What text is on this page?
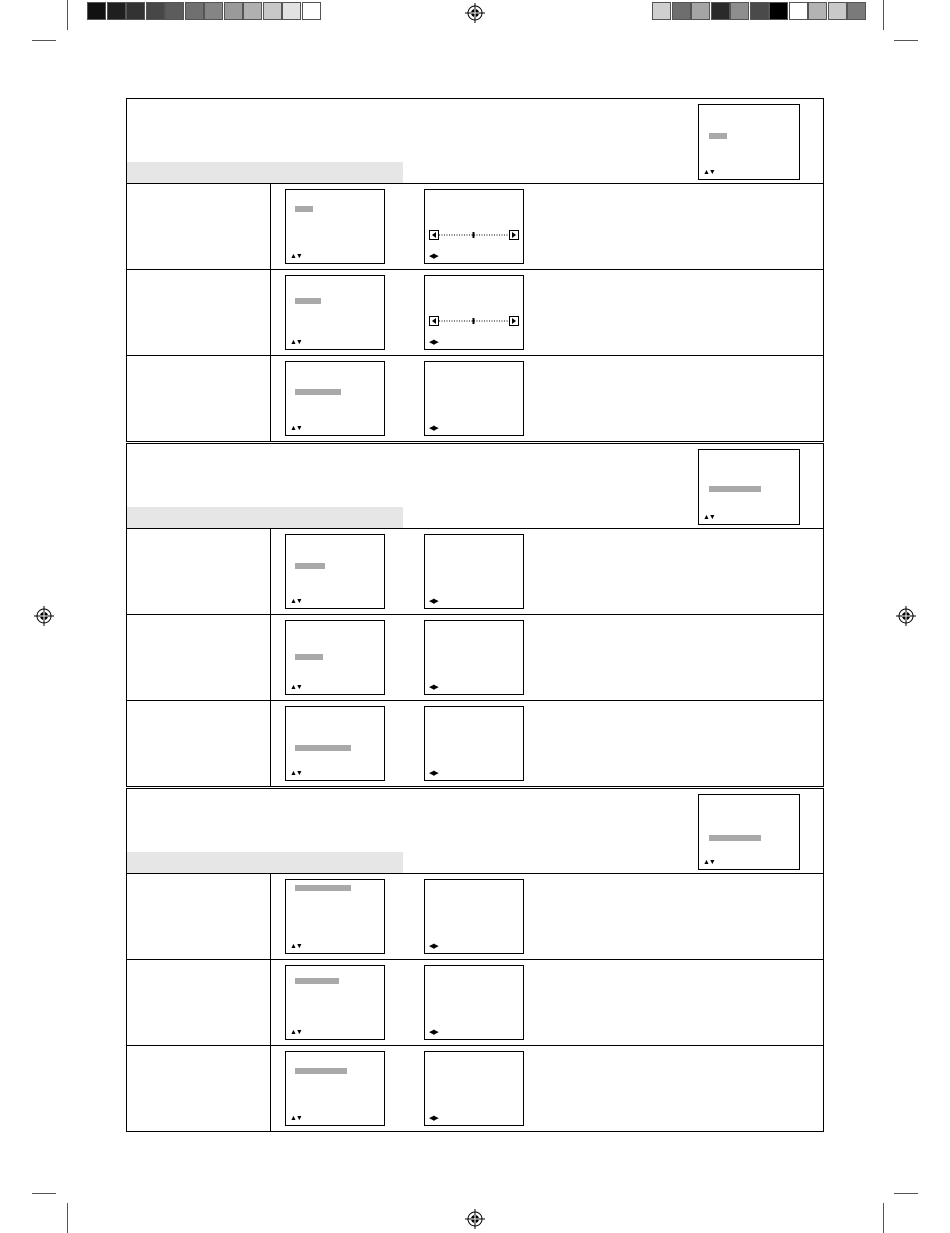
▲▼
▲▼	◀▶
▲▼	◀▶
▲▼	◀▶
▲▼
▲▼	◀▶
▲▼	◀▶
▲▼	◀▶
▲▼
▲▼	◀▶
▲▼	◀▶
▲▼	◀▶
